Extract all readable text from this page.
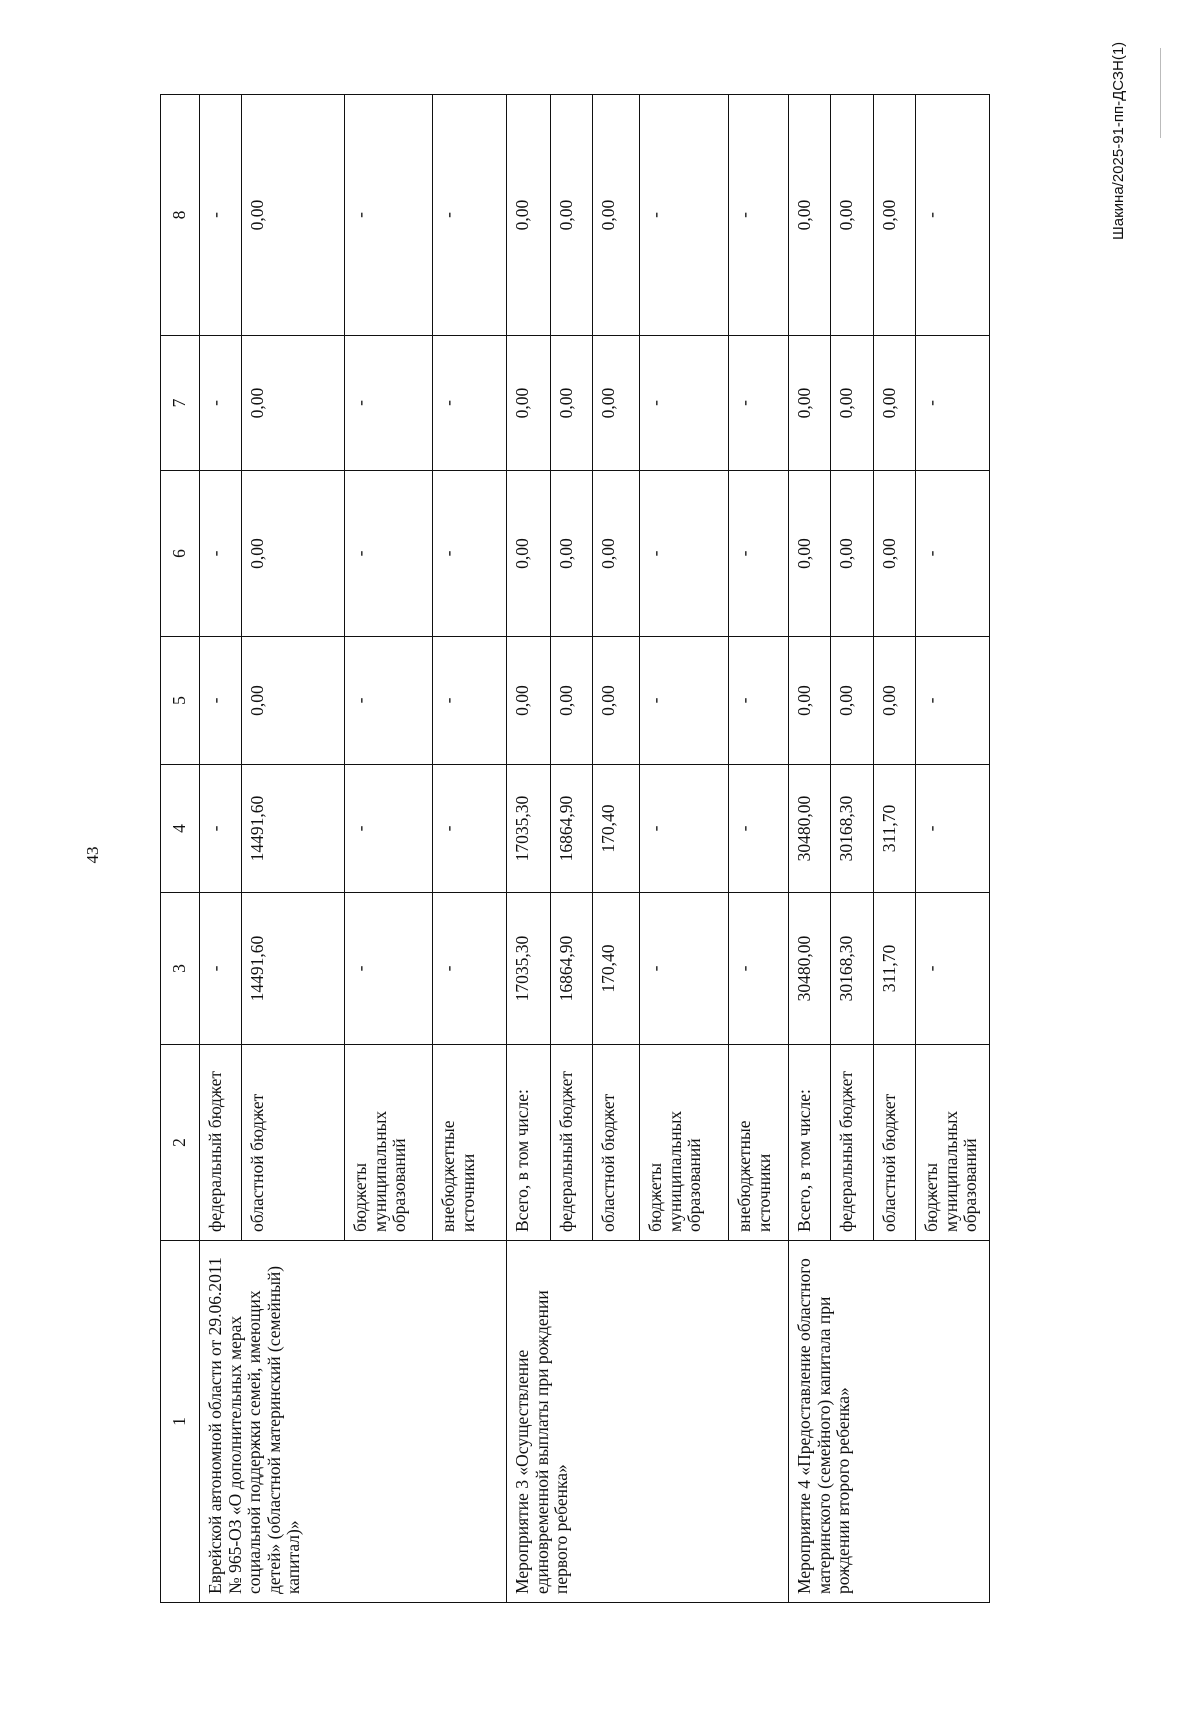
43
Шакина/2025-91-пп-ДСЗН(1)
1	2	3	4	5	6	7	8
Еврейской автономной области от 29.06.2011 № 965-ОЗ «О дополнительных мерах социальной поддержки семей, имеющих детей» (областной материнский (семейный) капитал)»	федеральный бюджет	-	-	-	-	-	-
	областной бюджет	14491,60	14491,60	0,00	0,00	0,00	0,00
	бюджеты муниципальных образований	-	-	-	-	-	-
	внебюджетные источники	-	-	-	-	-	-
Мероприятие 3 «Осуществление единовременной выплаты при рождении первого ребенка»	Всего, в том числе:	17035,30	17035,30	0,00	0,00	0,00	0,00
	федеральный бюджет	16864,90	16864,90	0,00	0,00	0,00	0,00
	областной бюджет	170,40	170,40	0,00	0,00	0,00	0,00
	бюджеты муниципальных образований	-	-	-	-	-	-
	внебюджетные источники	-	-	-	-	-	-
Мероприятие 4 «Предоставление областного материнского (семейного) капитала при рождении второго ребенка»	Всего, в том числе:	30480,00	30480,00	0,00	0,00	0,00	0,00
	федеральный бюджет	30168,30	30168,30	0,00	0,00	0,00	0,00
	областной бюджет	311,70	311,70	0,00	0,00	0,00	0,00
	бюджеты муниципальных образований	-	-	-	-	-	-
